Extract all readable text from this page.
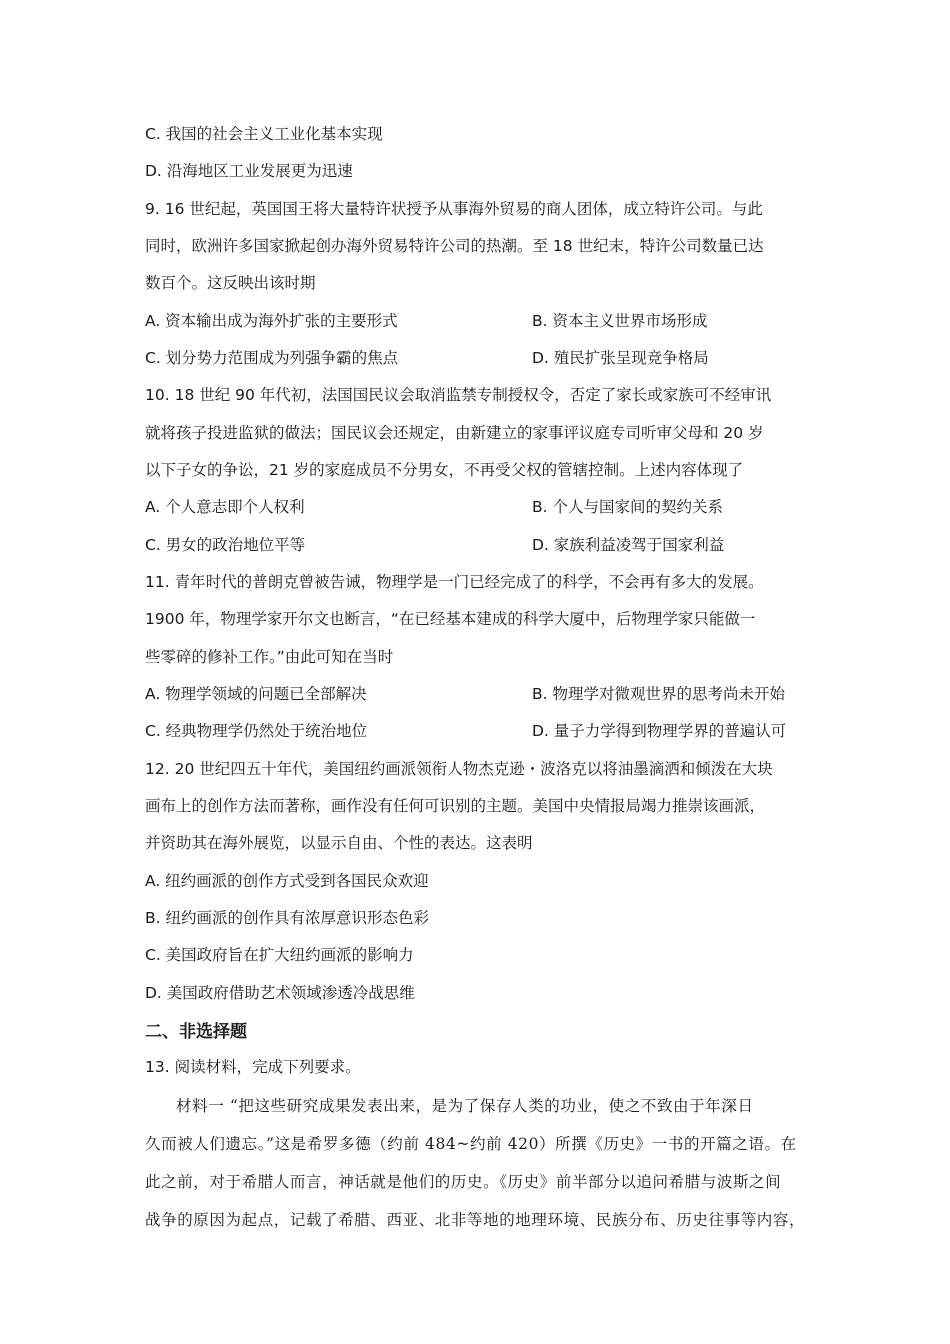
C. 我国的社会主义工业化基本实现
D. 沿海地区工业发展更为迅速
9. 16 世纪起，英国国王将大量特许状授予从事海外贸易的商人团体，成立特许公司。与此
同时，欧洲许多国家掀起创办海外贸易特许公司的热潮。至 18 世纪末，特许公司数量已达
数百个。这反映出该时期
A. 资本输出成为海外扩张的主要形式	B. 资本主义世界市场形成
C. 划分势力范围成为列强争霸的焦点	D. 殖民扩张呈现竞争格局
10. 18 世纪 90 年代初，法国国民议会取消监禁专制授权令，否定了家长或家族可不经审讯
就将孩子投进监狱的做法；国民议会还规定，由新建立的家事评议庭专司听审父母和 20 岁
以下子女的争讼，21 岁的家庭成员不分男女，不再受父权的管辖控制。上述内容体现了
A. 个人意志即个人权利	B. 个人与国家间的契约关系
C. 男女的政治地位平等	D. 家族利益凌驾于国家利益
11. 青年时代的普朗克曾被告诫，物理学是一门已经完成了的科学，不会再有多大的发展。
1900 年，物理学家开尔文也断言，“在已经基本建成的科学大厦中，后物理学家只能做一
些零碎的修补工作。”由此可知在当时
A. 物理学领域的问题已全部解决	B. 物理学对微观世界的思考尚未开始
C. 经典物理学仍然处于统治地位	D. 量子力学得到物理学界的普遍认可
12. 20 世纪四五十年代，美国纽约画派领衔人物杰克逊・波洛克以将油墨滴洒和倾泼在大块
画布上的创作方法而著称，画作没有任何可识别的主题。美国中央情报局竭力推崇该画派，
并资助其在海外展览，以显示自由、个性的表达。这表明
A. 纽约画派的创作方式受到各国民众欢迎
B. 纽约画派的创作具有浓厚意识形态色彩
C. 美国政府旨在扩大纽约画派的影响力
D. 美国政府借助艺术领域渗透冷战思维
二、非选择题
13. 阅读材料，完成下列要求。
材料一 “把这些研究成果发表出来，是为了保存人类的功业，使之不致由于年深日
久而被人们遗忘。”这是希罗多德（约前 484~约前 420）所撰《历史》一书的开篇之语。在
此之前，对于希腊人而言，神话就是他们的历史。《历史》前半部分以追问希腊与波斯之间
战争的原因为起点，记载了希腊、西亚、北非等地的地理环境、民族分布、历史往事等内容，
